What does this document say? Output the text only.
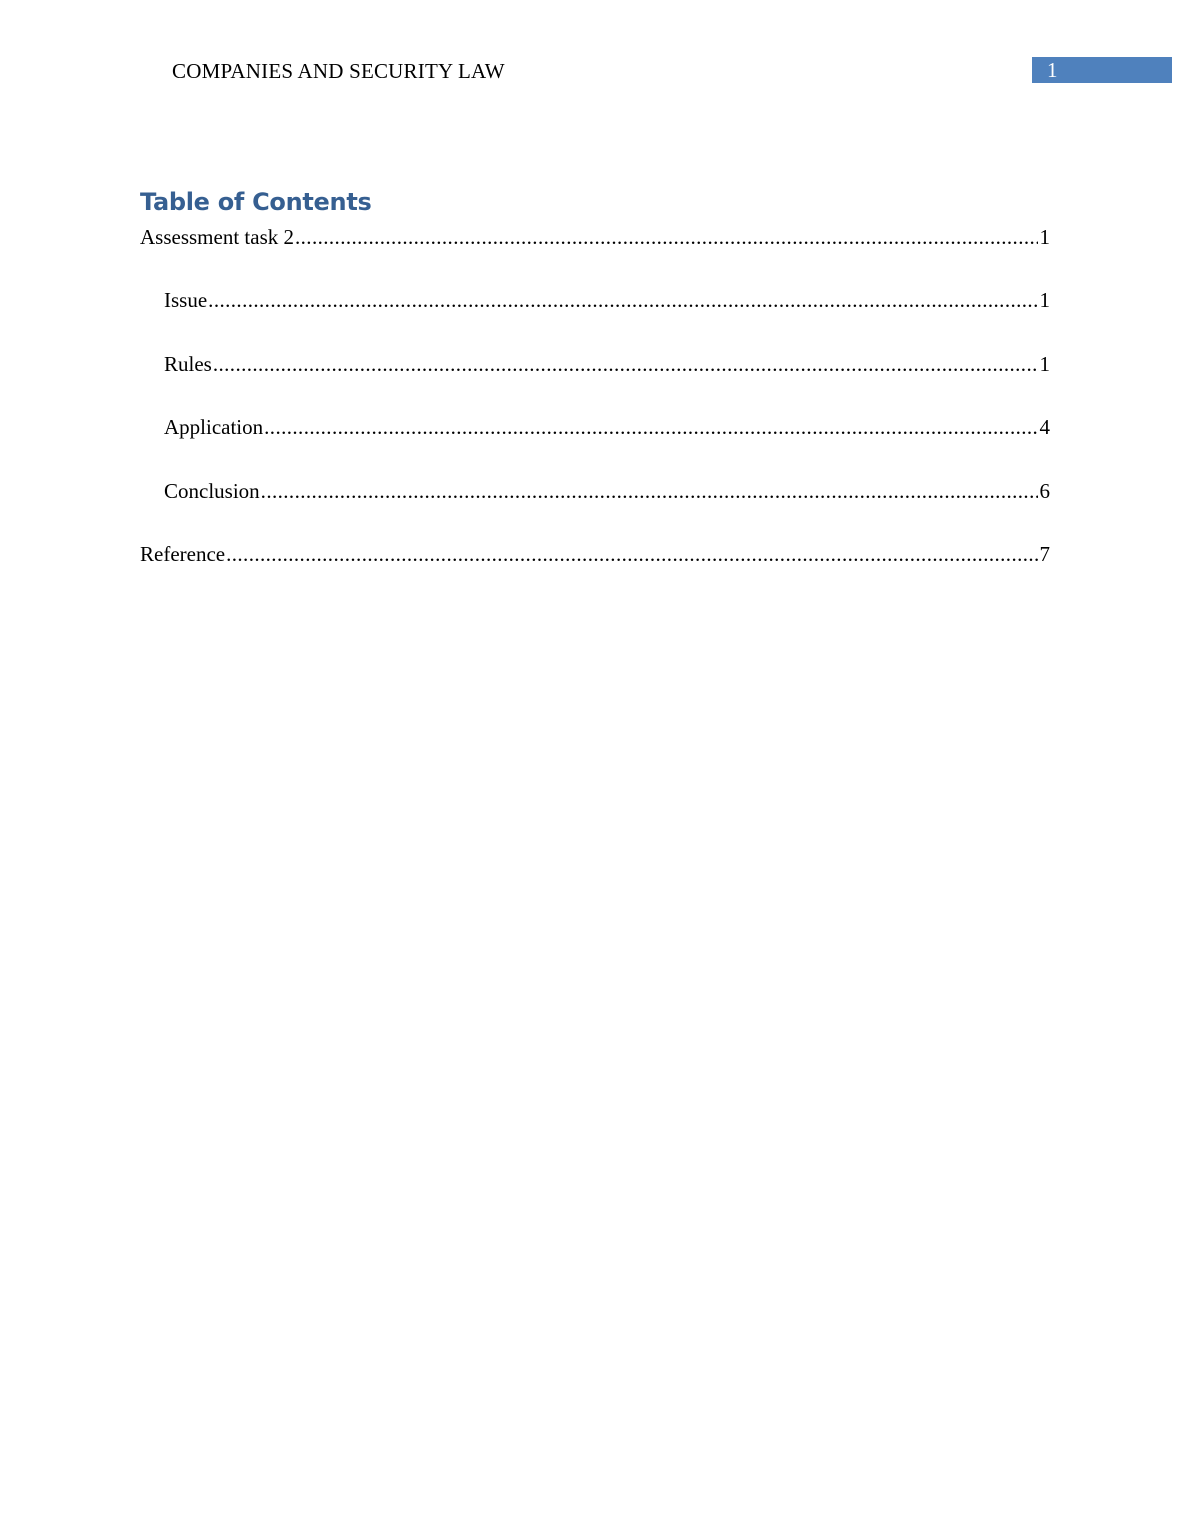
COMPANIES AND SECURITY LAW	1
Table of Contents
Assessment task 2 .....	1
Issue .....	1
Rules .....	1
Application .....	4
Conclusion .....	6
Reference .....	7
